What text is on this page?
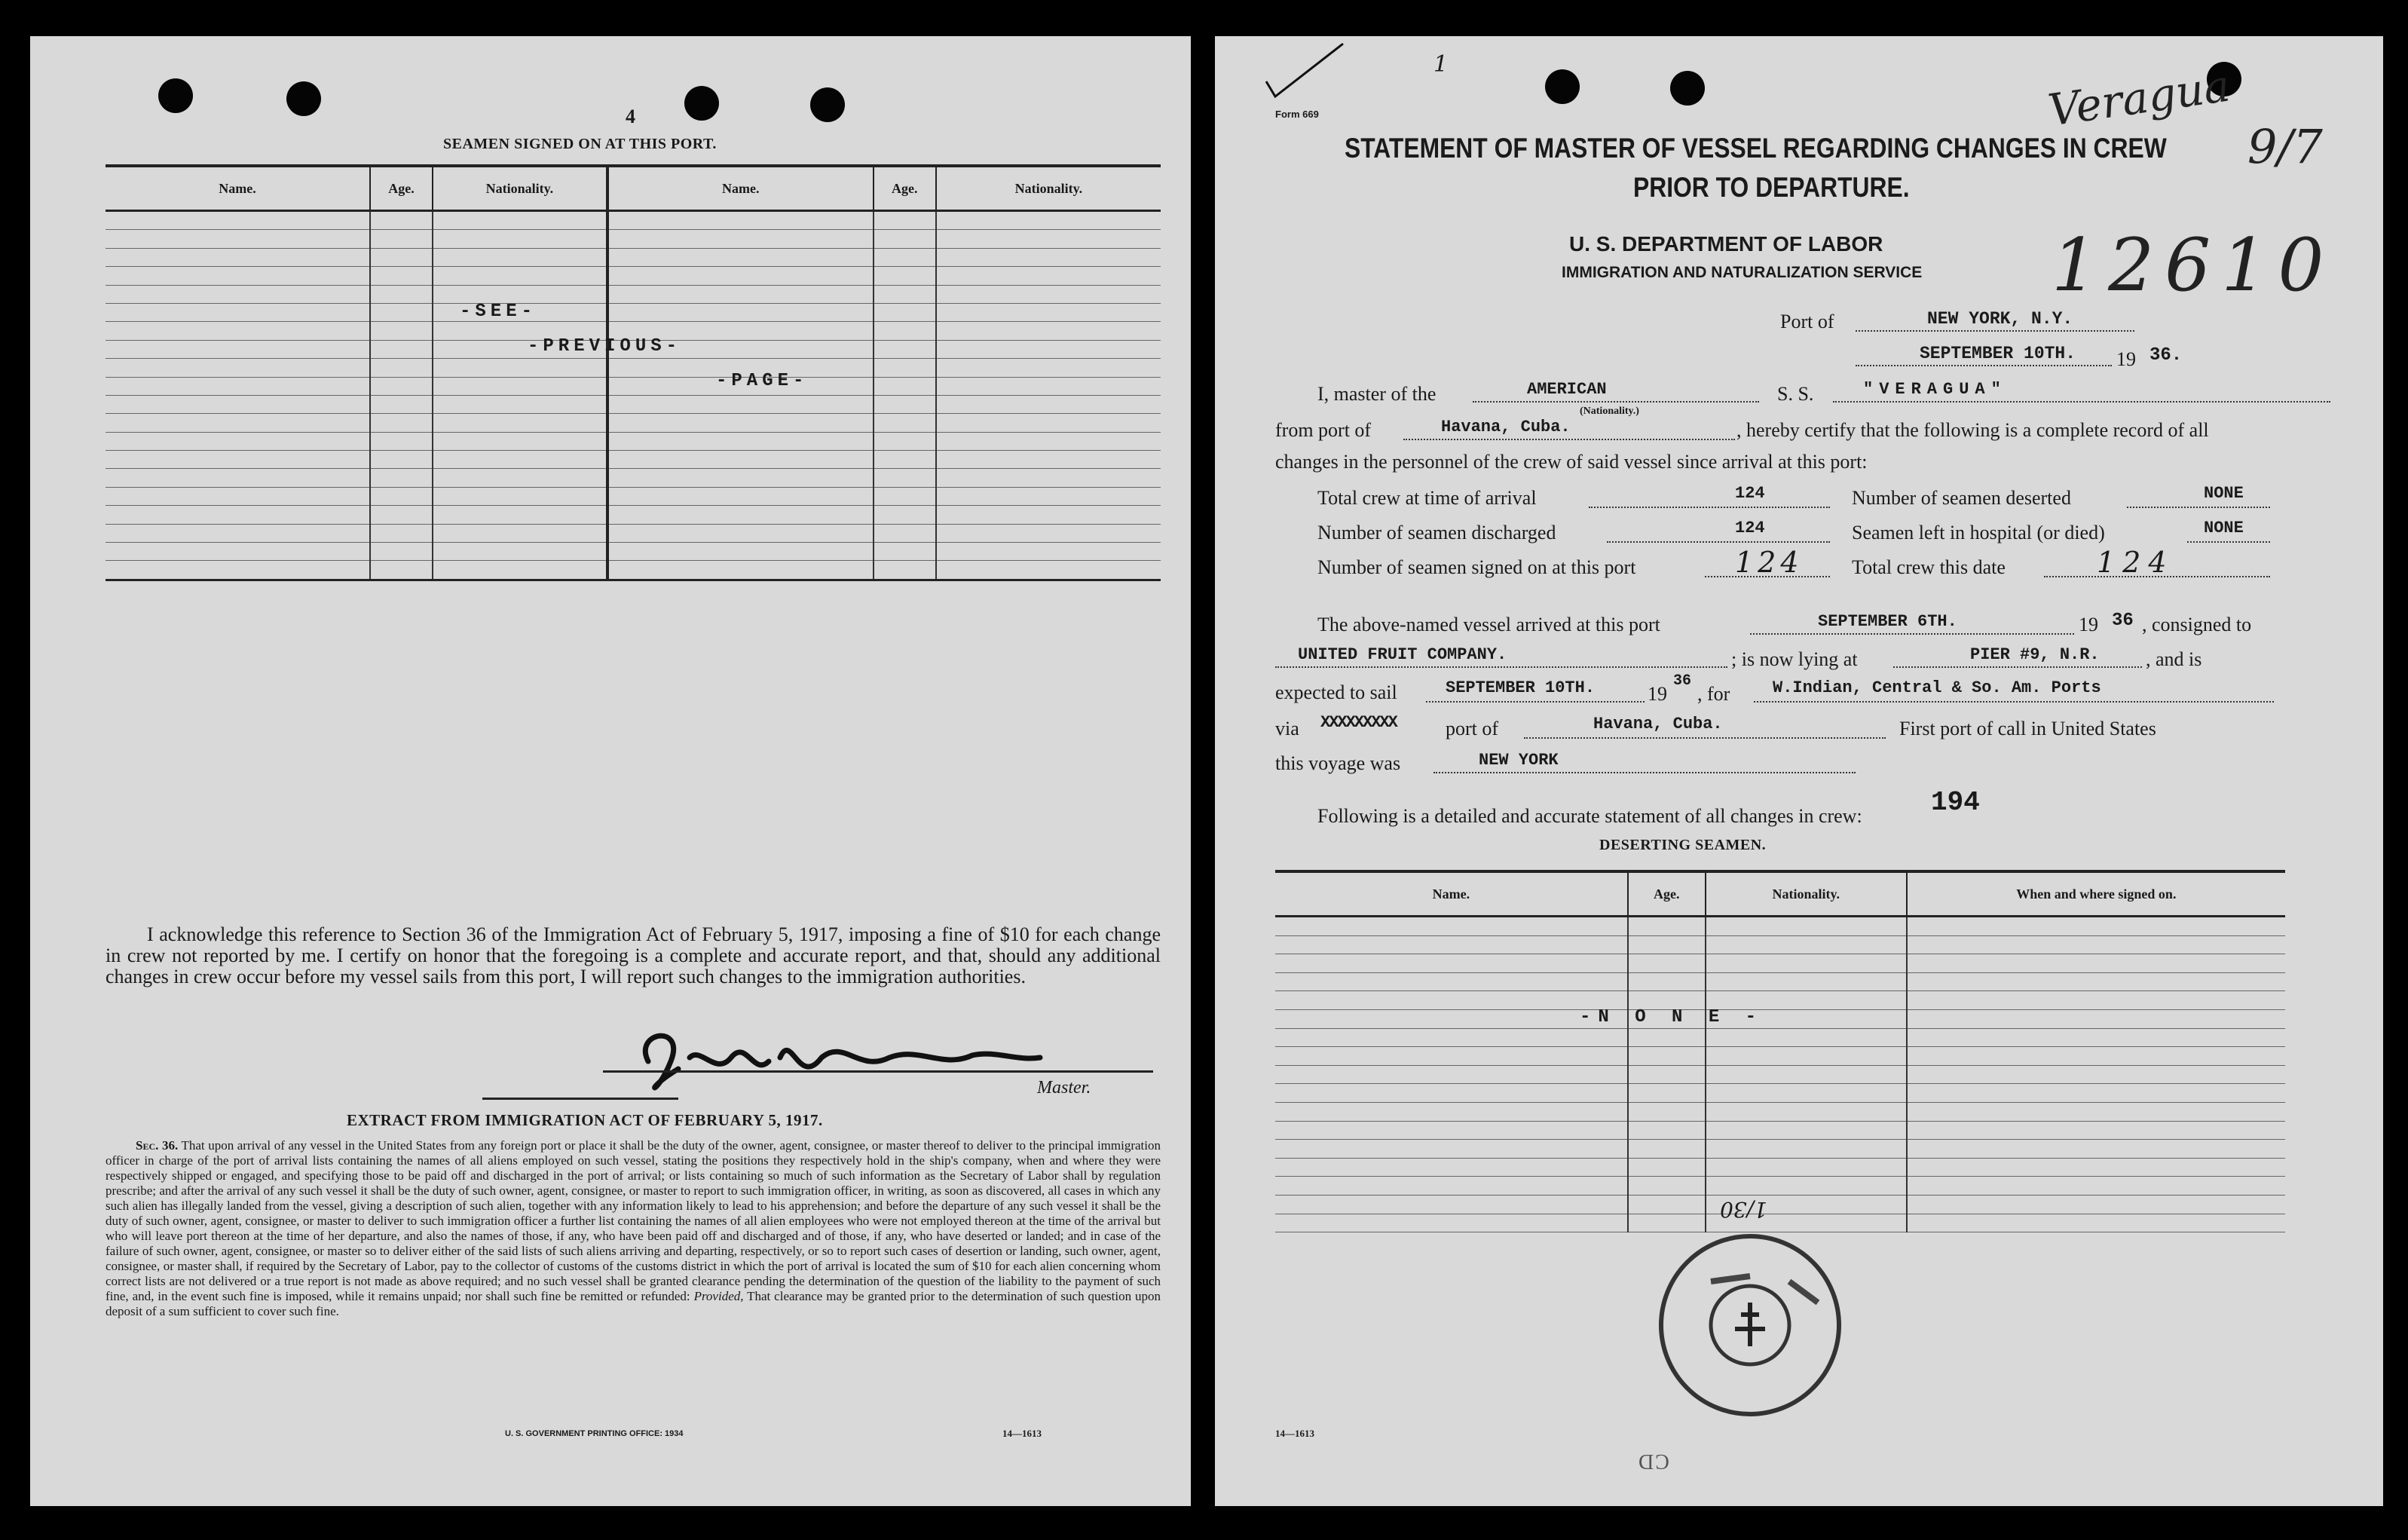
4
SEAMEN SIGNED ON AT THIS PORT.
Name.	Age.	Nationality.	Name.	Age.	Nationality.

-SEE-
-PREVIOUS-
-PAGE-
I acknowledge this reference to Section 36 of the Immigration Act of February 5, 1917, imposing a fine of $10 for each change in crew not reported by me. I certify on honor that the foregoing is a complete and accurate report, and that, should any additional changes in crew occur before my vessel sails from this port, I will report such changes to the immigration authorities.
Master.
EXTRACT FROM IMMIGRATION ACT OF FEBRUARY 5, 1917.
Sec. 36. That upon arrival of any vessel in the United States from any foreign port or place it shall be the duty of the owner, agent, consignee, or master thereof to deliver to the principal immigration officer in charge of the port of arrival lists containing the names of all aliens employed on such vessel, stating the positions they respectively hold in the ship's company, when and where they were respectively shipped or engaged, and specifying those to be paid off and discharged in the port of arrival; or lists containing so much of such information as the Secretary of Labor shall by regulation prescribe; and after the arrival of any such vessel it shall be the duty of such owner, agent, consignee, or master to report to such immigration officer, in writing, as soon as discovered, all cases in which any such alien has illegally landed from the vessel, giving a description of such alien, together with any information likely to lead to his apprehension; and before the departure of any such vessel it shall be the duty of such owner, agent, consignee, or master to deliver to such immigration officer a further list containing the names of all alien employees who were not employed thereon at the time of the arrival but who will leave port thereon at the time of her departure, and also the names of those, if any, who have been paid off and discharged and of those, if any, who have deserted or landed; and in case of the failure of such owner, agent, consignee, or master so to deliver either of the said lists of such aliens arriving and departing, respectively, or so to report such cases of desertion or landing, such owner, agent, consignee, or master shall, if required by the Secretary of Labor, pay to the collector of customs of the customs district in which the port of arrival is located the sum of $10 for each alien concerning whom correct lists are not delivered or a true report is not made as above required; and no such vessel shall be granted clearance pending the determination of the question of the liability to the payment of such fine, and, in the event such fine is imposed, while it remains unpaid; nor shall such fine be remitted or refunded: Provided, That clearance may be granted prior to the determination of such question upon deposit of a sum sufficient to cover such fine.
U. S. GOVERNMENT PRINTING OFFICE: 1934	14—1613
1
Form 669
STATEMENT OF MASTER OF VESSEL REGARDING CHANGES IN CREW
PRIOR TO DEPARTURE.
U. S. DEPARTMENT OF LABOR
IMMIGRATION AND NATURALIZATION SERVICE
Veragua
9/7
12610
Port of	NEW YORK, N.Y.
SEPTEMBER 10TH. 19 36.
I, master of the	AMERICAN
(Nationality.)
S. S.	"VERAGUA"
from port of	Havana, Cuba.	, hereby certify that the following is a complete record of all
changes in the personnel of the crew of said vessel since arrival at this port:
Total crew at time of arrival	124	Number of seamen deserted	NONE
Number of seamen discharged	124	Seamen left in hospital (or died)	NONE
Number of seamen signed on at this port	124 Total crew this date	124
The above-named vessel arrived at this port	SEPTEMBER 6TH.	19 36 , consigned to
UNITED FRUIT COMPANY.	; is now lying at	PIER #9, N.R. , and is
expected to sail	SEPTEMBER 10TH.	19
36
, for	W.Indian, Central & So. Am. Ports
via XXXXXXXXX	port of	Havana, Cuba.	First port of call in United States
this voyage was	NEW YORK
Following is a detailed and accurate statement of all changes in crew:	194
DESERTING SEAMEN.
Name.	Age.	Nationality.	When and where signed on.

-N O N E -
1/30
14—1613
CD
